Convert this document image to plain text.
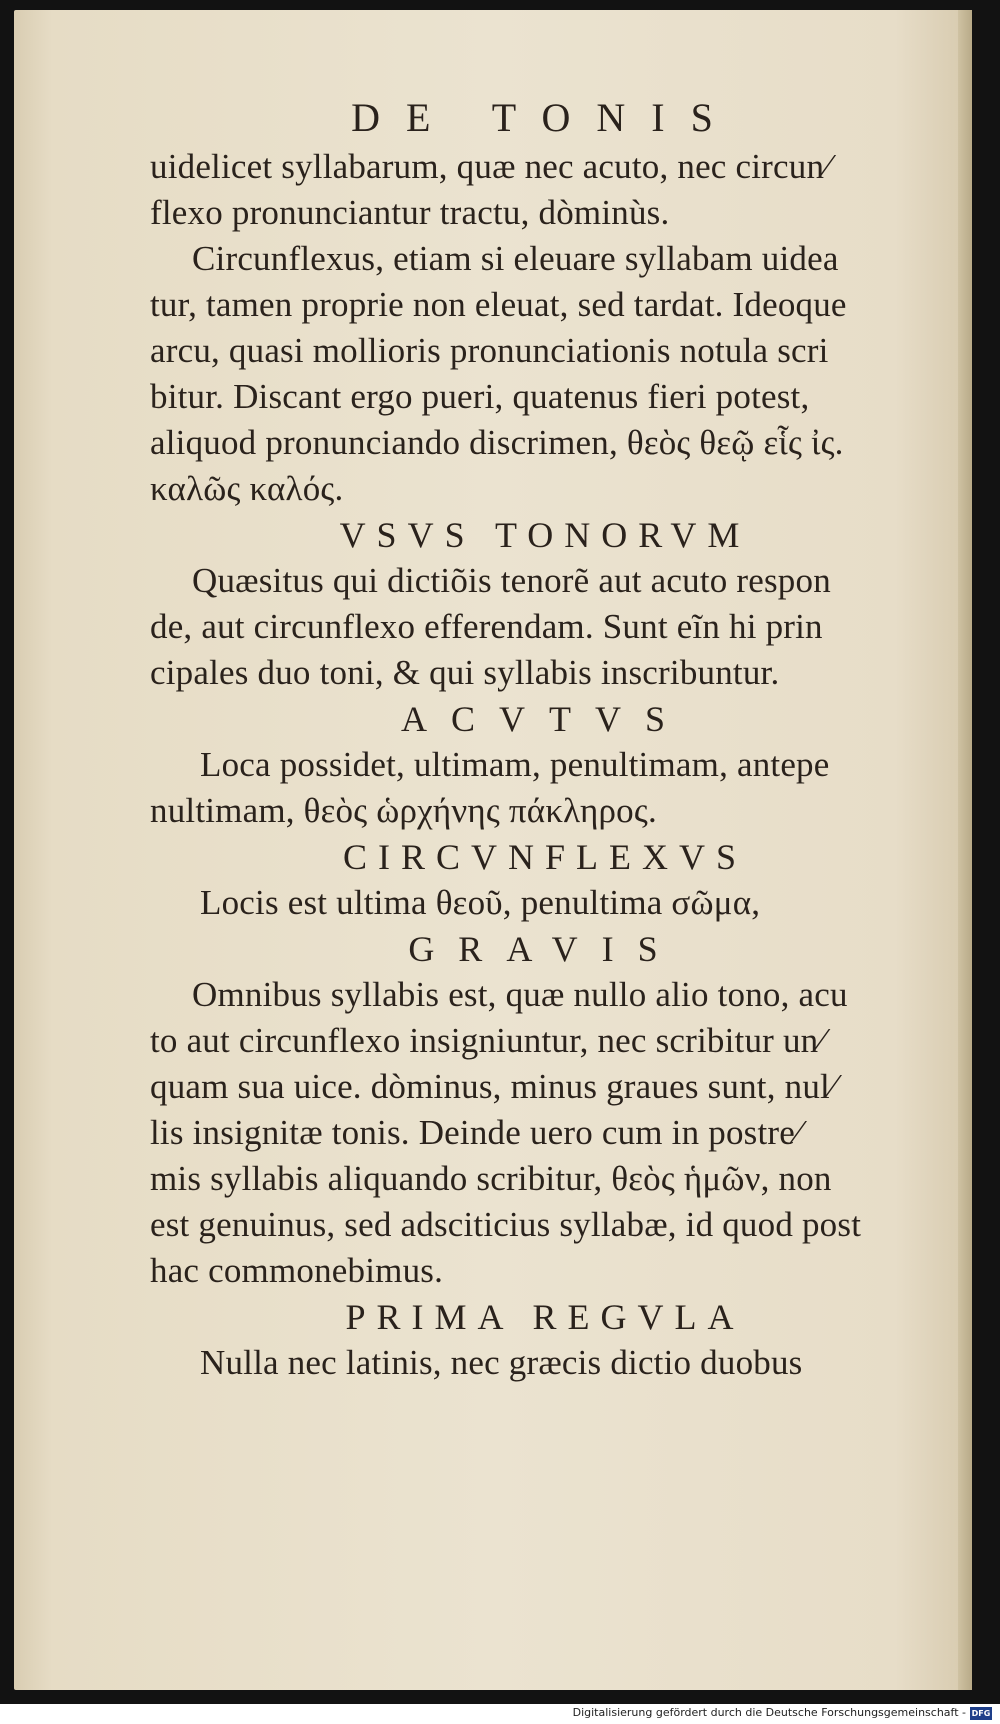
DE TONIS
uidelicet syllabarum, quæ nec acuto, nec circun⁄
flexo pronunciantur tractu, dòminùs.
Circunflexus, etiam si eleuare syllabam uidea
tur, tamen proprie non eleuat, sed tardat. Ideoque
arcu, quasi mollioris pronunciationis notula scri
bitur. Discant ergo pueri, quatenus fieri potest,
aliquod pronunciando discrimen, θεὸς θεῷ εἷς ἰς.
καλῶς καλός.
VSVS TONORVM
Quæsitus qui dictiõis tenorẽ aut acuto respon
de, aut circunflexo efferendam. Sunt eĩn hi prin
cipales duo toni, & qui syllabis inscribuntur.
ACVTVS
Loca possidet, ultimam, penultimam, antepe
nultimam, θεὸς ὡρχήνης πάκληρος.
CIRCVNFLEXVS
Locis est ultima θεοῦ, penultima σῶμα,
GRAVIS
Omnibus syllabis est, quæ nullo alio tono, acu
to aut circunflexo insigniuntur, nec scribitur un⁄
quam sua uice. dòminus, minus graues sunt, nul⁄
lis insignitæ tonis. Deinde uero cum in postre⁄
mis syllabis aliquando scribitur, θεὸς ἡμῶν, non
est genuinus, sed adsciticius syllabæ, id quod post
hac commonebimus.
PRIMA REGVLA
Nulla nec latinis, nec græcis dictio duobus
Digitalisierung gefördert durch die Deutsche Forschungsgemeinschaft - DFG
